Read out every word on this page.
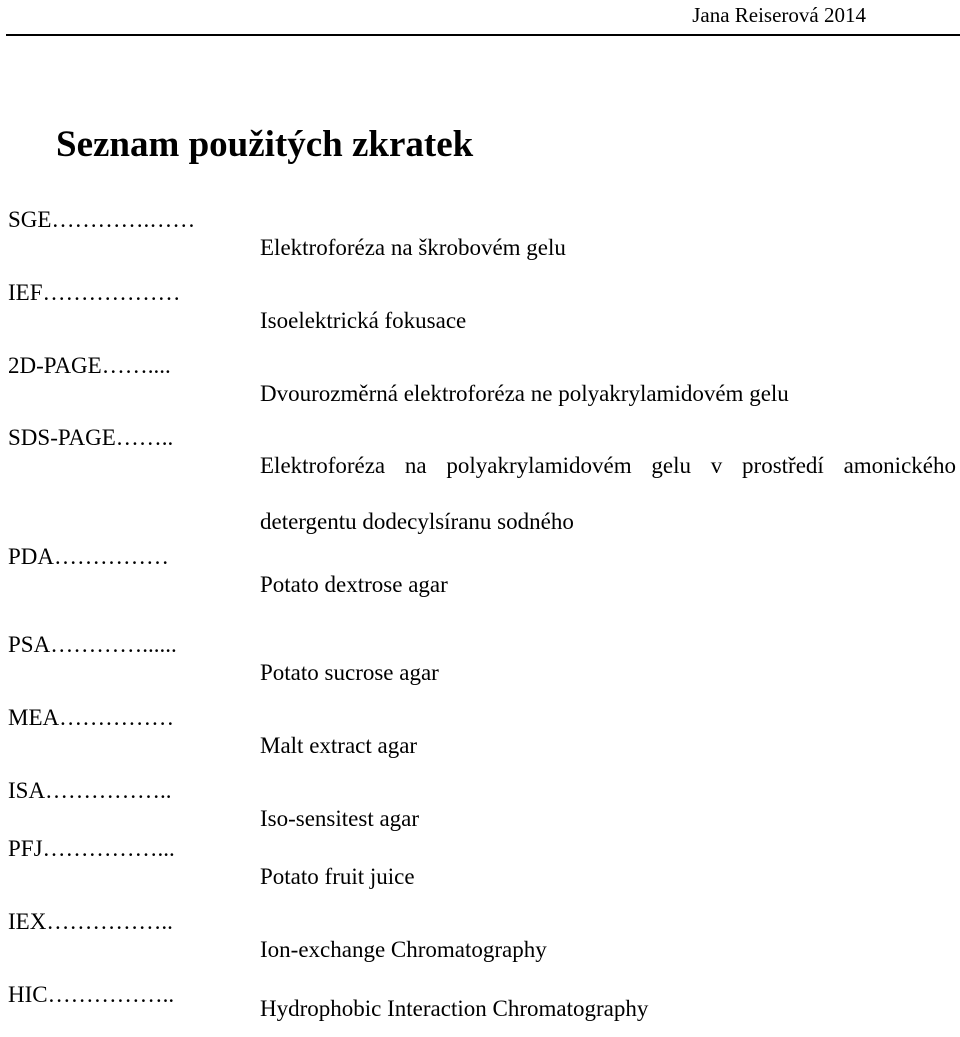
Jana Reiserová 2014
Seznam použitých zkratek
SGE………….……
Elektroforéza na škrobovém gelu
IEF………………
Isoelektrická fokusace
2D-PAGE……....
Dvourozměrná elektroforéza ne polyakrylamidovém gelu
SDS-PAGE……..
Elektroforéza na polyakrylamidovém gelu v prostředí amonického detergentu dodecylsíranu sodného
PDA……………
Potato dextrose agar
PSA…………......
Potato sucrose agar
MEA……………
Malt extract agar
ISA……………..
Iso-sensitest agar
PFJ……………...
Potato fruit juice
IEX……………..
Ion-exchange Chromatography
HIC……………..
Hydrophobic Interaction Chromatography
